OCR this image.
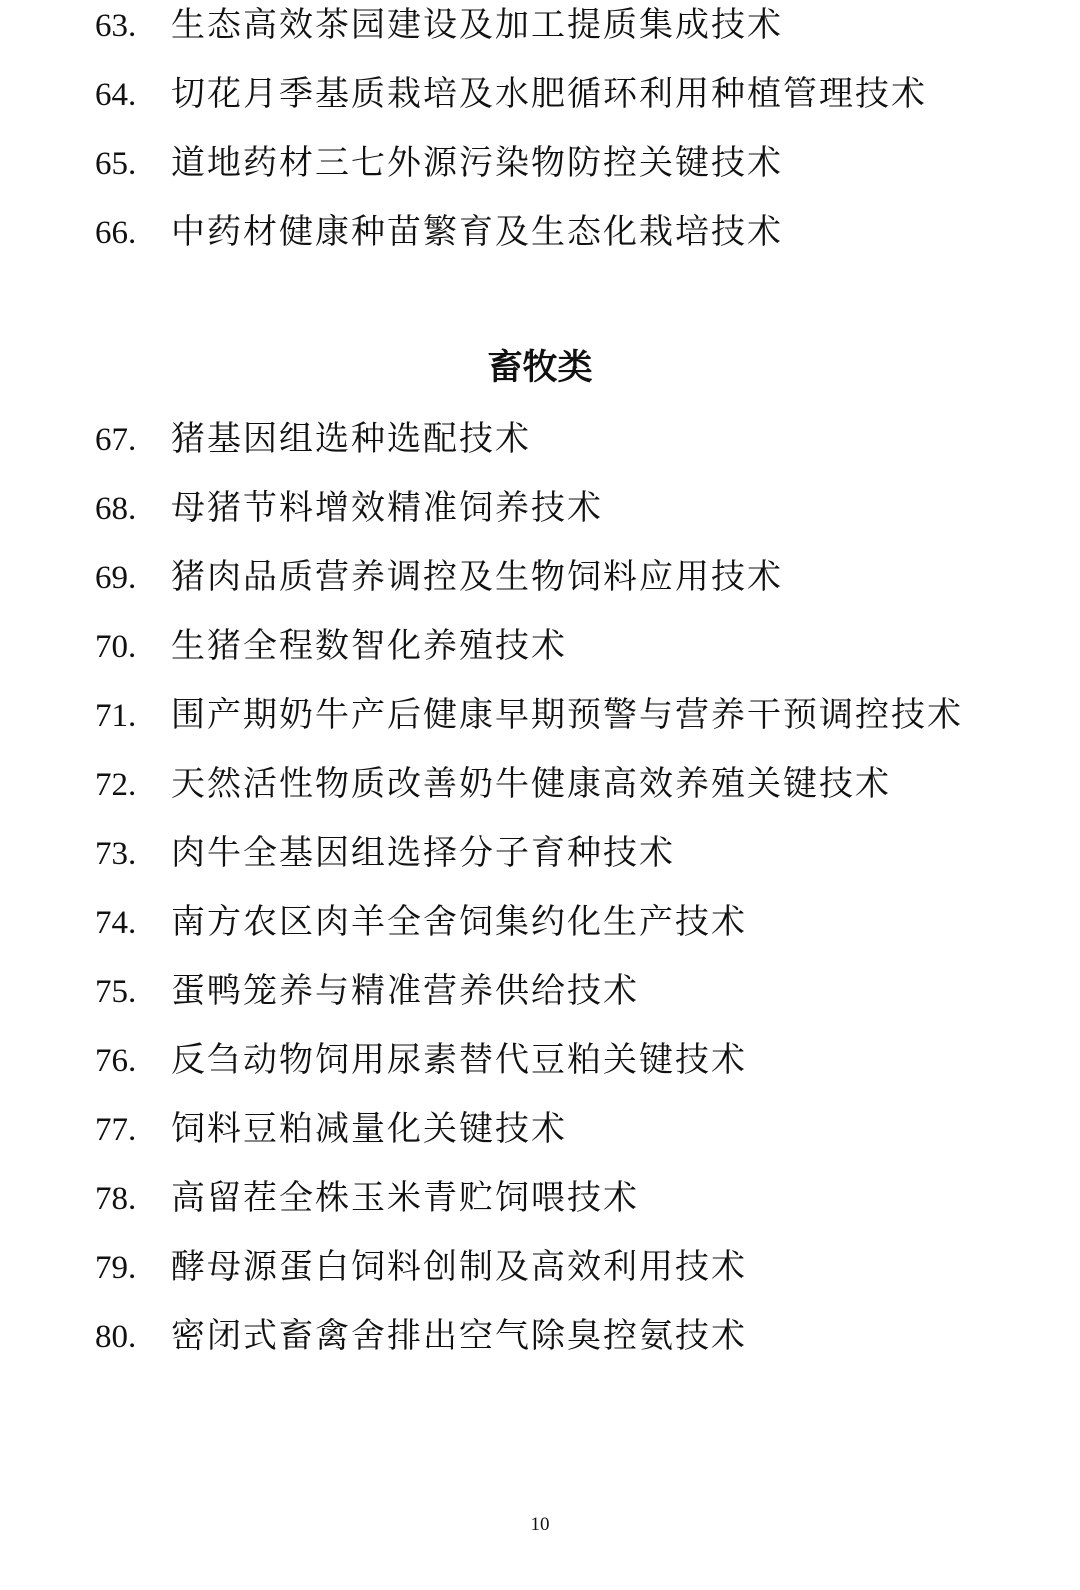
63. 生态高效茶园建设及加工提质集成技术
64. 切花月季基质栽培及水肥循环利用种植管理技术
65. 道地药材三七外源污染物防控关键技术
66. 中药材健康种苗繁育及生态化栽培技术
畜牧类
67. 猪基因组选种选配技术
68. 母猪节料增效精准饲养技术
69. 猪肉品质营养调控及生物饲料应用技术
70. 生猪全程数智化养殖技术
71. 围产期奶牛产后健康早期预警与营养干预调控技术
72. 天然活性物质改善奶牛健康高效养殖关键技术
73. 肉牛全基因组选择分子育种技术
74. 南方农区肉羊全舍饲集约化生产技术
75. 蛋鸭笼养与精准营养供给技术
76. 反刍动物饲用尿素替代豆粕关键技术
77. 饲料豆粕减量化关键技术
78. 高留茬全株玉米青贮饲喂技术
79. 酵母源蛋白饲料创制及高效利用技术
80. 密闭式畜禽舍排出空气除臭控氨技术
10
